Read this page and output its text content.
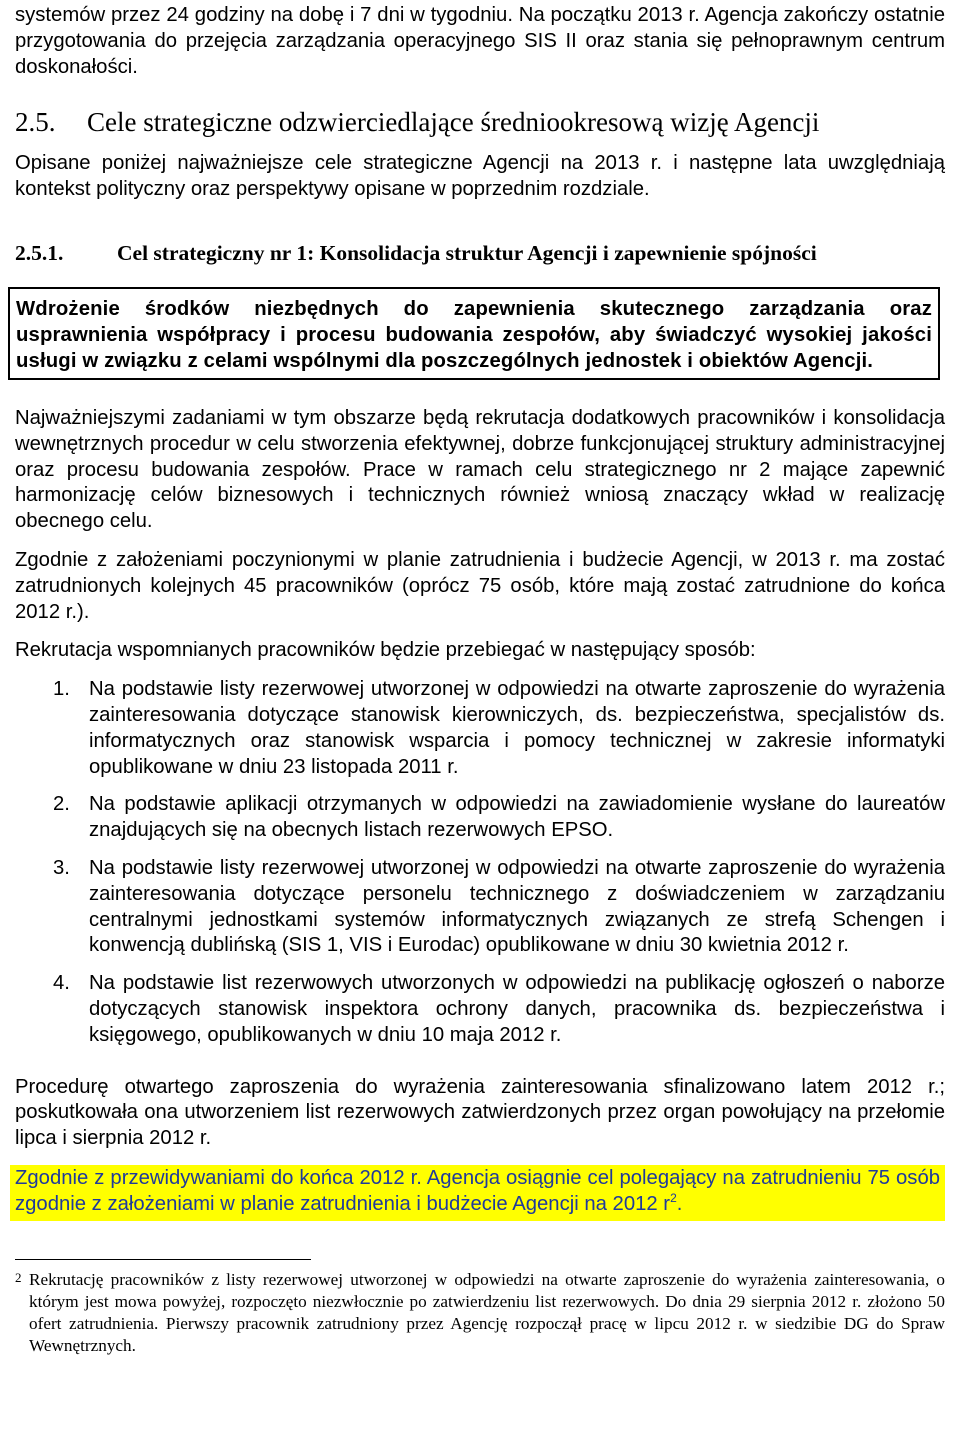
systemów przez 24 godziny na dobę i 7 dni w tygodniu. Na początku 2013 r. Agencja zakończy ostatnie przygotowania do przejęcia zarządzania operacyjnego SIS II oraz stania się pełnoprawnym centrum doskonałości.

2.5.	Cele strategiczne odzwierciedlające średniookresową wizję Agencji

Opisane poniżej najważniejsze cele strategiczne Agencji na 2013 r. i następne lata uwzględniają kontekst polityczny oraz perspektywy opisane w poprzednim rozdziale.

2.5.1.	Cel strategiczny nr 1: Konsolidacja struktur Agencji i zapewnienie spójności

Wdrożenie środków niezbędnych do zapewnienia skutecznego zarządzania oraz usprawnienia współpracy i procesu budowania zespołów, aby świadczyć wysokiej jakości usługi w związku z celami wspólnymi dla poszczególnych jednostek i obiektów Agencji.

Najważniejszymi zadaniami w tym obszarze będą rekrutacja dodatkowych pracowników i konsolidacja wewnętrznych procedur w celu stworzenia efektywnej, dobrze funkcjonującej struktury administracyjnej oraz procesu budowania zespołów. Prace w ramach celu strategicznego nr 2 mające zapewnić harmonizację celów biznesowych i technicznych również wniosą znaczący wkład w realizację obecnego celu.

Zgodnie z założeniami poczynionymi w planie zatrudnienia i budżecie Agencji, w 2013 r. ma zostać zatrudnionych kolejnych 45 pracowników (oprócz 75 osób, które mają zostać zatrudnione do końca 2012 r.).

Rekrutacja wspomnianych pracowników będzie przebiegać w następujący sposób:

1. Na podstawie listy rezerwowej utworzonej w odpowiedzi na otwarte zaproszenie do wyrażenia zainteresowania dotyczące stanowisk kierowniczych, ds. bezpieczeństwa, specjalistów ds. informatycznych oraz stanowisk wsparcia i pomocy technicznej w zakresie informatyki opublikowane w dniu 23 listopada 2011 r.

2. Na podstawie aplikacji otrzymanych w odpowiedzi na zawiadomienie wysłane do laureatów znajdujących się na obecnych listach rezerwowych EPSO.

3. Na podstawie listy rezerwowej utworzonej w odpowiedzi na otwarte zaproszenie do wyrażenia zainteresowania dotyczące personelu technicznego z doświadczeniem w zarządzaniu centralnymi jednostkami systemów informatycznych związanych ze strefą Schengen i konwencją dublińską (SIS 1, VIS i Eurodac) opublikowane w dniu 30 kwietnia 2012 r.

4. Na podstawie list rezerwowych utworzonych w odpowiedzi na publikację ogłoszeń o naborze dotyczących stanowisk inspektora ochrony danych, pracownika ds. bezpieczeństwa i księgowego, opublikowanych w dniu 10 maja 2012 r.

Procedurę otwartego zaproszenia do wyrażenia zainteresowania sfinalizowano latem 2012 r.; poskutkowała ona utworzeniem list rezerwowych zatwierdzonych przez organ powołujący na przełomie lipca i sierpnia 2012 r.

Zgodnie z przewidywaniami do końca 2012 r. Agencja osiągnie cel polegający na zatrudnieniu 75 osób zgodnie z założeniami w planie zatrudnienia i budżecie Agencji na 2012 $r^2$.

2 Rekrutację pracowników z listy rezerwowej utworzonej w odpowiedzi na otwarte zaproszenie do wyrażenia zainteresowania, o którym jest mowa powyżej, rozpoczęto niezwłocznie po zatwierdzeniu list rezerwowych. Do dnia 29 sierpnia 2012 r. złożono 50 ofert zatrudnienia. Pierwszy pracownik zatrudniony przez Agencję rozpoczął pracę w lipcu 2012 r. w siedzibie DG do Spraw Wewnętrznych.
